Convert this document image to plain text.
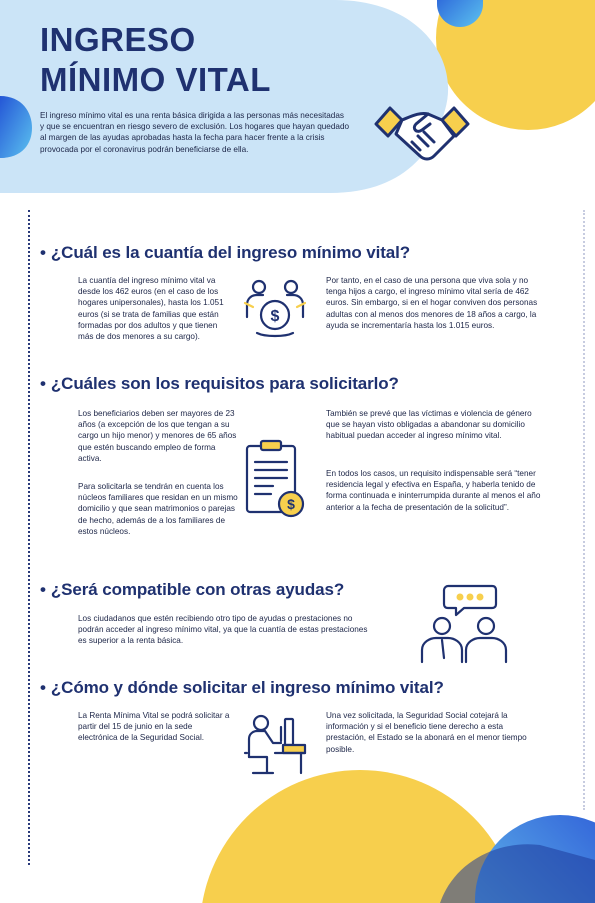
INGRESO
MÍNIMO VITAL
El ingreso mínimo vital es una renta básica dirigida a las personas más necesitadas y que se encuentran en riesgo severo de exclusión. Los hogares que hayan quedado al margen de las ayudas aprobadas hasta la fecha para hacer frente a la crisis provocada por el coronavirus podrán beneficiarse de ella.
• ¿Cuál es la cuantía del ingreso mínimo vital?
La cuantía del ingreso mínimo vital va desde los 462 euros (en el caso de los hogares unipersonales), hasta los 1.051 euros (si se trata de familias que están formadas por dos adultos y que tienen más de dos menores a su cargo).
$
Por tanto, en el caso de una persona que viva sola y no tenga hijos a cargo, el ingreso mínimo vital sería de 462 euros. Sin embargo, si en el hogar conviven dos personas adultas con al menos dos menores de 18 años a cargo, la ayuda se incrementaría hasta los 1.015 euros.
• ¿Cuáles son los requisitos para solicitarlo?
Los beneficiarios deben ser mayores de 23 años (a excepción de los que tengan a su cargo un hijo menor) y menores de 65 años que estén buscando empleo de forma activa.
Para solicitarla se tendrán en cuenta los núcleos familiares que residan en un mismo domicilio y que sean matrimonios o parejas de hecho, además de a los familiares de estos núcleos.
$
También se prevé que las víctimas e violencia de género que se hayan visto obligadas a abandonar su domicilio habitual puedan acceder al ingreso mínimo vital.
En todos los casos, un requisito indispensable será “tener residencia legal y efectiva en España, y haberla tenido de forma continuada e ininterrumpida durante al menos el año anterior a la fecha de presentación de la solicitud”.
• ¿Será compatible con otras ayudas?
Los ciudadanos que estén recibiendo otro tipo de ayudas o prestaciones no podrán acceder al ingreso mínimo vital, ya que la cuantía de estas prestaciones es superior a la renta básica.
• ¿Cómo y dónde solicitar el ingreso mínimo vital?
La Renta Mínima Vital se podrá solicitar a partir del 15 de junio en la sede electrónica de la Seguridad Social.
Una vez solicitada, la Seguridad Social cotejará la información y si el beneficio tiene derecho a esta prestación, el Estado se la abonará en el menor tiempo posible.
